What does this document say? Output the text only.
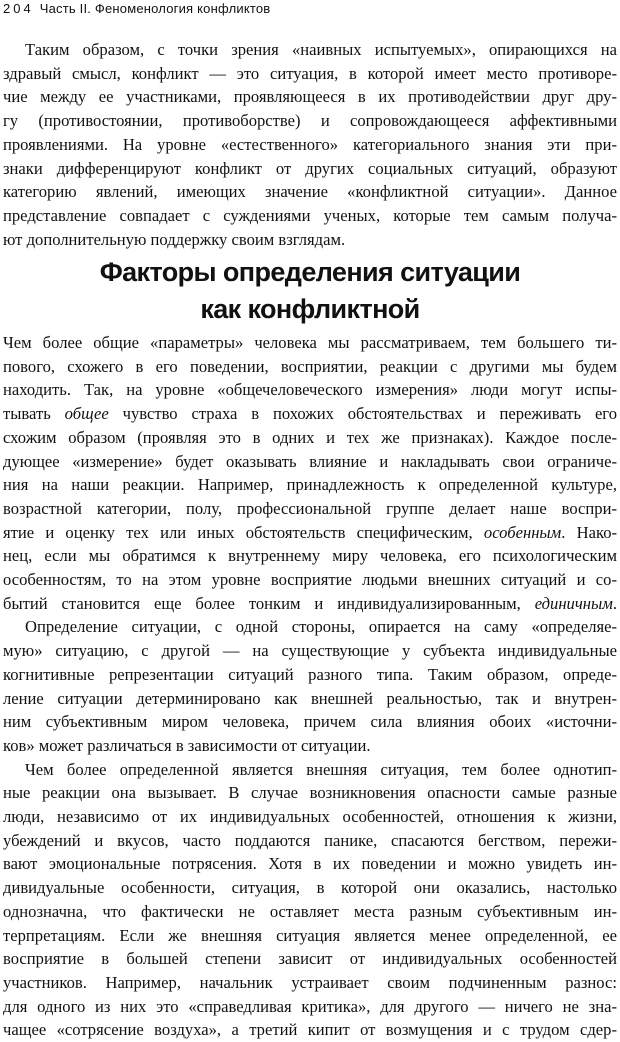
204 Часть II. Феноменология конфликтов

Таким образом, с точки зрения «наивных испытуемых», опирающихся на
здравый смысл, конфликт — это ситуация, в которой имеет место противоре-
чие между ее участниками, проявляющееся в их противодействии друг дру-
гу (противостоянии, противоборстве) и сопровождающееся аффективными
проявлениями. На уровне «естественного» категориального знания эти при-
знаки дифференцируют конфликт от других социальных ситуаций, образуют
категорию явлений, имеющих значение «конфликтной ситуации». Данное
представление совпадает с суждениями ученых, которые тем самым получа-
ют дополнительную поддержку своим взглядам.

Факторы определения ситуации
как конфликтной

Чем более общие «параметры» человека мы рассматриваем, тем большего ти-
пового, схожего в его поведении, восприятии, реакции с другими мы будем
находить. Так, на уровне «общечеловеческого измерения» люди могут испы-
тывать общее чувство страха в похожих обстоятельствах и переживать его
схожим образом (проявляя это в одних и тех же признаках). Каждое после-
дующее «измерение» будет оказывать влияние и накладывать свои ограниче-
ния на наши реакции. Например, принадлежность к определенной культуре,
возрастной категории, полу, профессиональной группе делает наше воспри-
ятие и оценку тех или иных обстоятельств специфическим, особенным. Нако-
нец, если мы обратимся к внутреннему миру человека, его психологическим
особенностям, то на этом уровне восприятие людьми внешних ситуаций и со-
бытий становится еще более тонким и индивидуализированным, единичным.

Определение ситуации, с одной стороны, опирается на саму «определяе-
мую» ситуацию, с другой — на существующие у субъекта индивидуальные
когнитивные репрезентации ситуаций разного типа. Таким образом, опреде-
ление ситуации детерминировано как внешней реальностью, так и внутрен-
ним субъективным миром человека, причем сила влияния обоих «источни-
ков» может различаться в зависимости от ситуации.

Чем более определенной является внешняя ситуация, тем более однотип-
ные реакции она вызывает. В случае возникновения опасности самые разные
люди, независимо от их индивидуальных особенностей, отношения к жизни,
убеждений и вкусов, часто поддаются панике, спасаются бегством, пережи-
вают эмоциональные потрясения. Хотя в их поведении и можно увидеть ин-
дивидуальные особенности, ситуация, в которой они оказались, настолько
однозначна, что фактически не оставляет места разным субъективным ин-
терпретациям. Если же внешняя ситуация является менее определенной, ее
восприятие в большей степени зависит от индивидуальных особенностей
участников. Например, начальник устраивает своим подчиненным разнос:
для одного из них это «справедливая критика», для другого — ничего не зна-
чащее «сотрясение воздуха», а третий кипит от возмущения и с трудом сдер-
